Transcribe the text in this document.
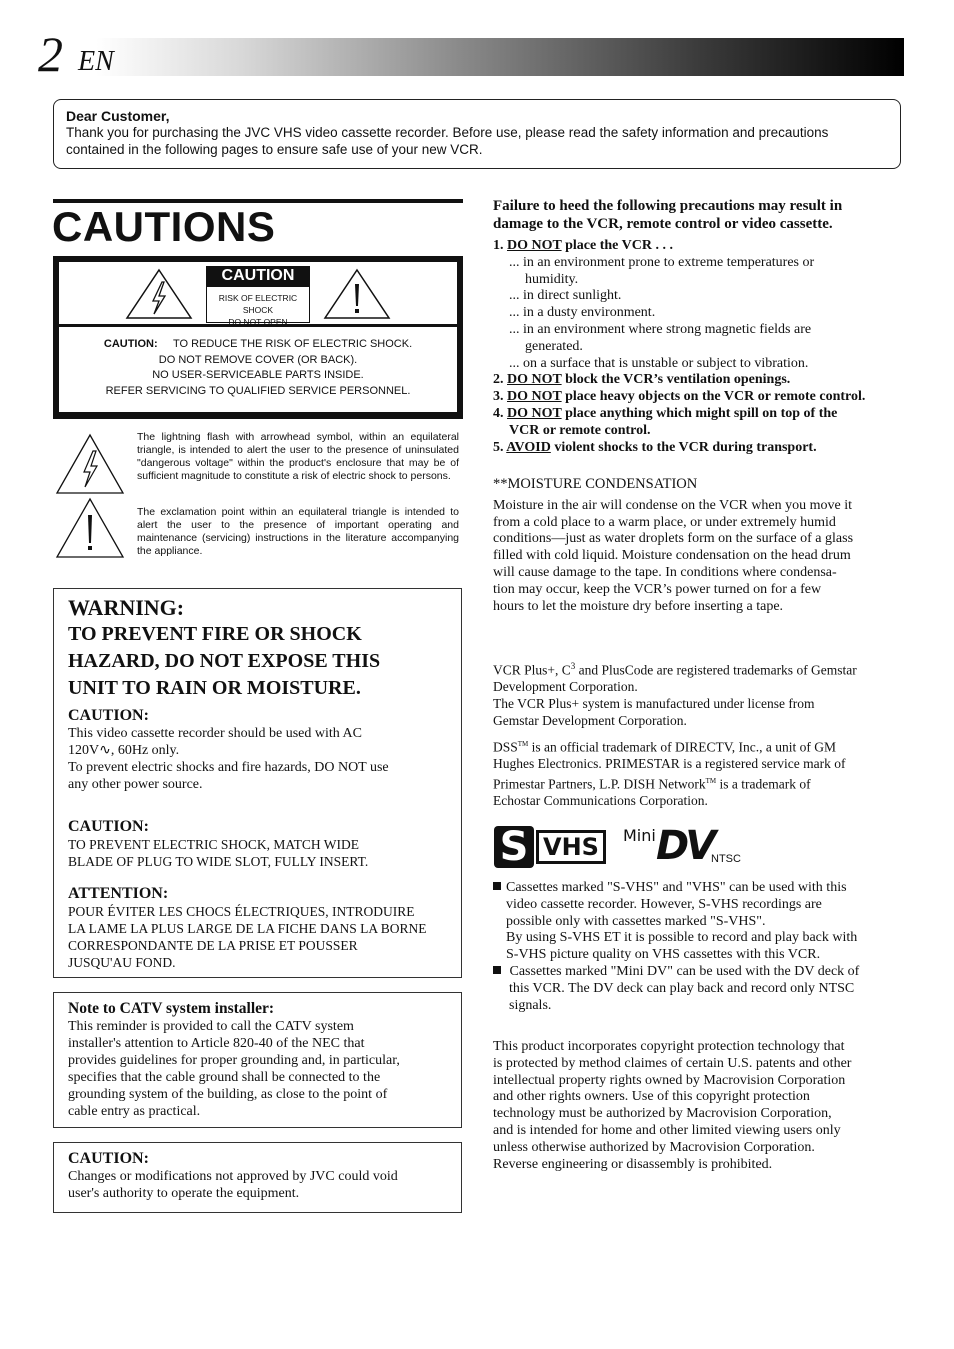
2 EN
Dear Customer,
Thank you for purchasing the JVC VHS video cassette recorder. Before use, please read the safety information and precautions
contained in the following pages to ensure safe use of your new VCR.
CAUTIONS
CAUTION
RISK OF ELECTRIC SHOCK
DO NOT OPEN
CAUTION: TO REDUCE THE RISK OF ELECTRIC SHOCK.
DO NOT REMOVE COVER (OR BACK).
NO USER-SERVICEABLE PARTS INSIDE.
REFER SERVICING TO QUALIFIED SERVICE PERSONNEL.
The lightning flash with arrowhead symbol, within an equilateral triangle, is intended to alert the user to the presence of uninsulated "dangerous voltage" within the product's enclosure that may be of sufficient magnitude to constitute a risk of electric shock to persons.
The exclamation point within an equilateral triangle is intended to alert the user to the presence of important operating and maintenance (servicing) instructions in the literature accompanying the appliance.
WARNING:
TO PREVENT FIRE OR SHOCK
HAZARD, DO NOT EXPOSE THIS
UNIT TO RAIN OR MOISTURE.
CAUTION:
This video cassette recorder should be used with AC
120V∿, 60Hz only.
To prevent electric shocks and fire hazards, DO NOT use
any other power source.
CAUTION:
TO PREVENT ELECTRIC SHOCK, MATCH WIDE
BLADE OF PLUG TO WIDE SLOT, FULLY INSERT.
ATTENTION:
POUR ÉVITER LES CHOCS ÉLECTRIQUES, INTRODUIRE
LA LAME LA PLUS LARGE DE LA FICHE DANS LA BORNE
CORRESPONDANTE DE LA PRISE ET POUSSER
JUSQU'AU FOND.
Note to CATV system installer:
This reminder is provided to call the CATV system
installer's attention to Article 820-40 of the NEC that
provides guidelines for proper grounding and, in particular,
specifies that the cable ground shall be connected to the
grounding system of the building, as close to the point of
cable entry as practical.
CAUTION:
Changes or modifications not approved by JVC could void
user's authority to operate the equipment.
Failure to heed the following precautions may result in
damage to the VCR, remote control or video cassette.
1. DO NOT place the VCR . . .
... in an environment prone to extreme temperatures or
humidity.
... in direct sunlight.
... in a dusty environment.
... in an environment where strong magnetic fields are
generated.
... on a surface that is unstable or subject to vibration.
2. DO NOT block the VCR’s ventilation openings.
3. DO NOT place heavy objects on the VCR or remote control.
4. DO NOT place anything which might spill on top of the
VCR or remote control.
5. AVOID violent shocks to the VCR during transport.
**MOISTURE CONDENSATION
Moisture in the air will condense on the VCR when you move it
from a cold place to a warm place, or under extremely humid
conditions—just as water droplets form on the surface of a glass
filled with cold liquid. Moisture condensation on the head drum
will cause damage to the tape. In conditions where condensa-
tion may occur, keep the VCR’s power turned on for a few
hours to let the moisture dry before inserting a tape.
VCR Plus+, $C^3$ and PlusCode are registered trademarks of Gemstar
Development Corporation.
The VCR Plus+ system is manufactured under license from
Gemstar Development Corporation.
DSS™ is an official trademark of DIRECTV, Inc., a unit of GM
Hughes Electronics. PRIMESTAR is a registered service mark of
Primestar Partners, L.P. DISH Network™ is a trademark of
Echostar Communications Corporation.
S VHS	Mini DV
NTSC
Cassettes marked "S-VHS" and "VHS" can be used with this
video cassette recorder. However, S-VHS recordings are
possible only with cassettes marked "S-VHS".
By using S-VHS ET it is possible to record and play back with
S-VHS picture quality on VHS cassettes with this VCR.
Cassettes marked "Mini DV" can be used with the DV deck of
this VCR. The DV deck can play back and record only NTSC
signals.
This product incorporates copyright protection technology that
is protected by method claimes of certain U.S. patents and other
intellectual property rights owned by Macrovision Corporation
and other rights owners. Use of this copyright protection
technology must be authorized by Macrovision Corporation,
and is intended for home and other limited viewing users only
unless otherwise authorized by Macrovision Corporation.
Reverse engineering or disassembly is prohibited.
